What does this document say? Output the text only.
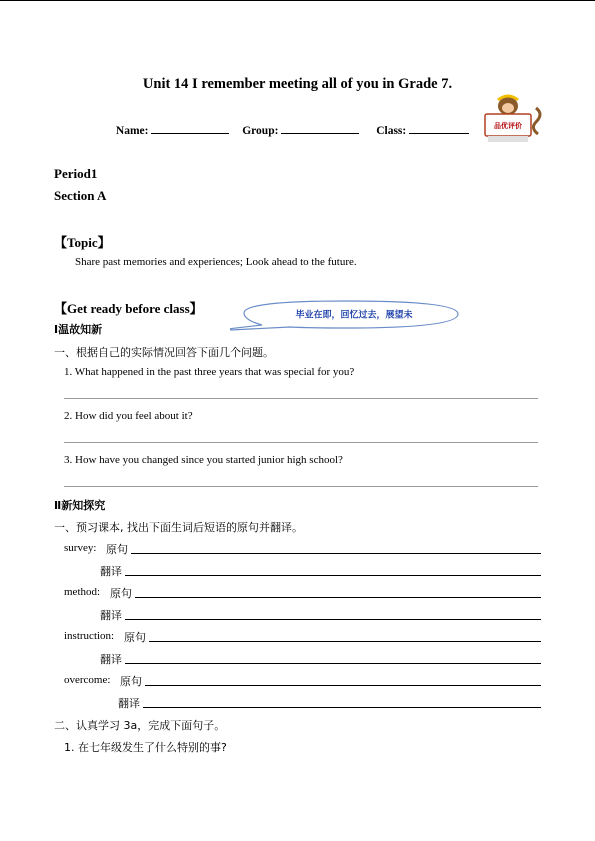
Unit 14 I remember meeting all of you in Grade 7.
Name:	Group:	Class:	品优评价
Period1
Section A
【Topic】
Share past memories and experiences; Look ahead to the future.
【Get ready before class】	毕业在即，回忆过去，展望未
Ⅰ温故知新
一、根据自己的实际情况回答下面几个问题。
1. What happened in the past three years that was special for you?
2. How did you feel about it?
3. How have you changed since you started junior high school?
Ⅱ新知探究
一、预习课本, 找出下面生词后短语的原句并翻译。
survey: 原句
翻译
method: 原句
翻译
instruction: 原句
翻译
overcome: 原句
翻译
二、认真学习 3a，完成下面句子。
1. 在七年级发生了什么特别的事?
